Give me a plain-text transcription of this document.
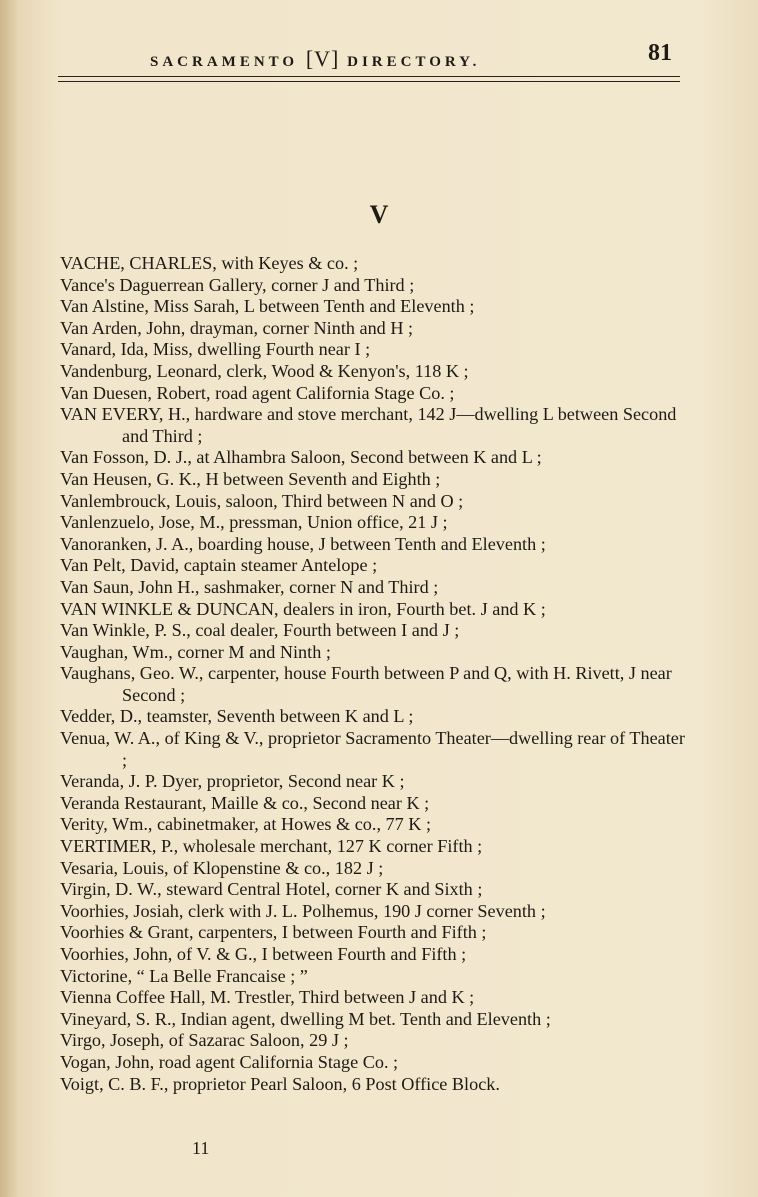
SACRAMENTO [V] DIRECTORY.	81
V

VACHE, CHARLES, with Keyes & co. ;

Vance's Daguerrean Gallery, corner J and Third ;

Van Alstine, Miss Sarah, L between Tenth and Eleventh ;

Van Arden, John, drayman, corner Ninth and H ;

Vanard, Ida, Miss, dwelling Fourth near I ;

Vandenburg, Leonard, clerk, Wood & Kenyon's, 118 K ;

Van Duesen, Robert, road agent California Stage Co. ;

VAN EVERY, H., hardware and stove merchant, 142 J—dwelling L between Second and Third ;

Van Fosson, D. J., at Alhambra Saloon, Second between K and L ;

Van Heusen, G. K., H between Seventh and Eighth ;

Vanlembrouck, Louis, saloon, Third between N and O ;

Vanlenzuelo, Jose, M., pressman, Union office, 21 J ;

Vanoranken, J. A., boarding house, J between Tenth and Eleventh ;

Van Pelt, David, captain steamer Antelope ;

Van Saun, John H., sashmaker, corner N and Third ;

VAN WINKLE & DUNCAN, dealers in iron, Fourth bet. J and K ;

Van Winkle, P. S., coal dealer, Fourth between I and J ;

Vaughan, Wm., corner M and Ninth ;

Vaughans, Geo. W., carpenter, house Fourth between P and Q, with H. Rivett, J near Second ;

Vedder, D., teamster, Seventh between K and L ;

Venua, W. A., of King & V., proprietor Sacramento Theater—dwelling rear of Theater ;

Veranda, J. P. Dyer, proprietor, Second near K ;

Veranda Restaurant, Maille & co., Second near K ;

Verity, Wm., cabinetmaker, at Howes & co., 77 K ;

VERTIMER, P., wholesale merchant, 127 K corner Fifth ;

Vesaria, Louis, of Klopenstine & co., 182 J ;

Virgin, D. W., steward Central Hotel, corner K and Sixth ;

Voorhies, Josiah, clerk with J. L. Polhemus, 190 J corner Seventh ;

Voorhies & Grant, carpenters, I between Fourth and Fifth ;

Voorhies, John, of V. & G., I between Fourth and Fifth ;

Victorine, “ La Belle Francaise ; ”

Vienna Coffee Hall, M. Trestler, Third between J and K ;

Vineyard, S. R., Indian agent, dwelling M bet. Tenth and Eleventh ;

Virgo, Joseph, of Sazarac Saloon, 29 J ;

Vogan, John, road agent California Stage Co. ;

Voigt, C. B. F., proprietor Pearl Saloon, 6 Post Office Block.

11
